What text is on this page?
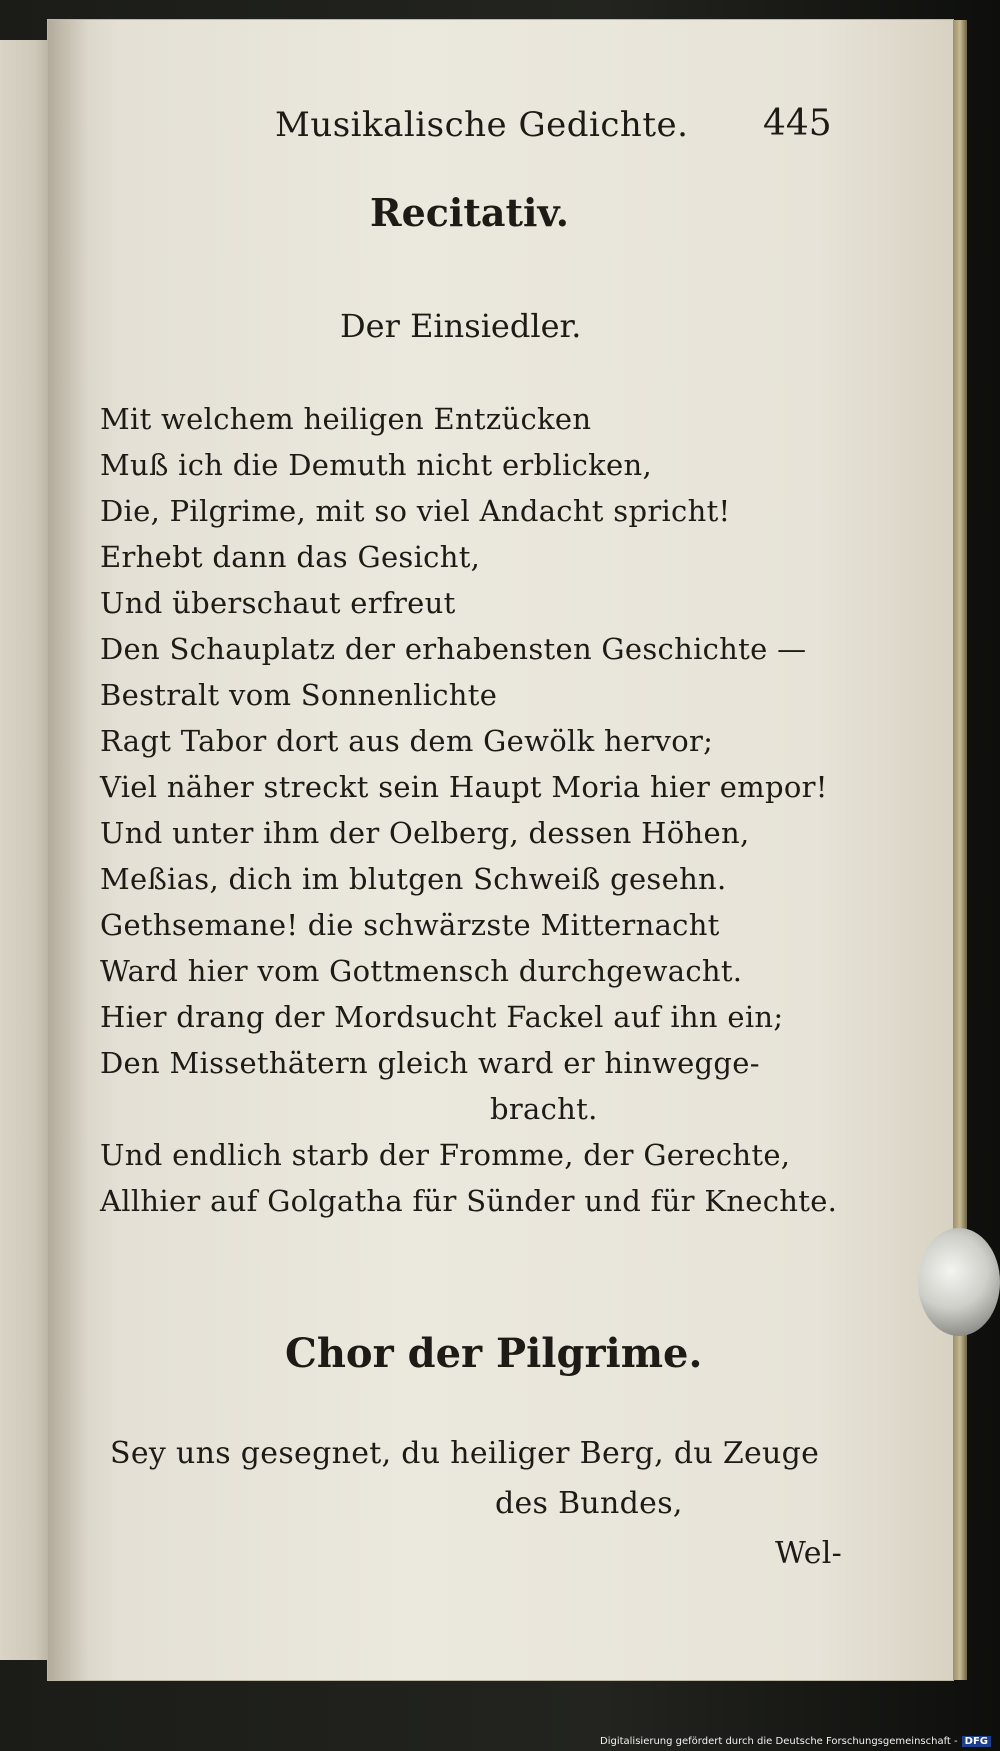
Musikalische Gedichte. 445
Recitativ.
Der Einsiedler.
Mit welchem heiligen Entzücken
Muß ich die Demuth nicht erblicken,
Die, Pilgrime, mit so viel Andacht spricht!
Erhebt dann das Gesicht,
Und überschaut erfreut
Den Schauplatz der erhabensten Geschichte —
Bestralt vom Sonnenlichte
Ragt Tabor dort aus dem Gewölk hervor;
Viel näher streckt sein Haupt Moria hier empor!
Und unter ihm der Oelberg, dessen Höhen,
Meßias, dich im blutgen Schweiß gesehn.
Gethsemane! die schwärzste Mitternacht
Ward hier vom Gottmensch durchgewacht.
Hier drang der Mordsucht Fackel auf ihn ein;
Den Missethätern gleich ward er hinwegge-
bracht.
Und endlich starb der Fromme, der Gerechte,
Allhier auf Golgatha für Sünder und für Knechte.
Chor der Pilgrime.
Sey uns gesegnet, du heiliger Berg, du Zeuge
des Bundes,
Wel-
Digitalisierung gefördert durch die Deutsche Forschungsgemeinschaft - DFG
